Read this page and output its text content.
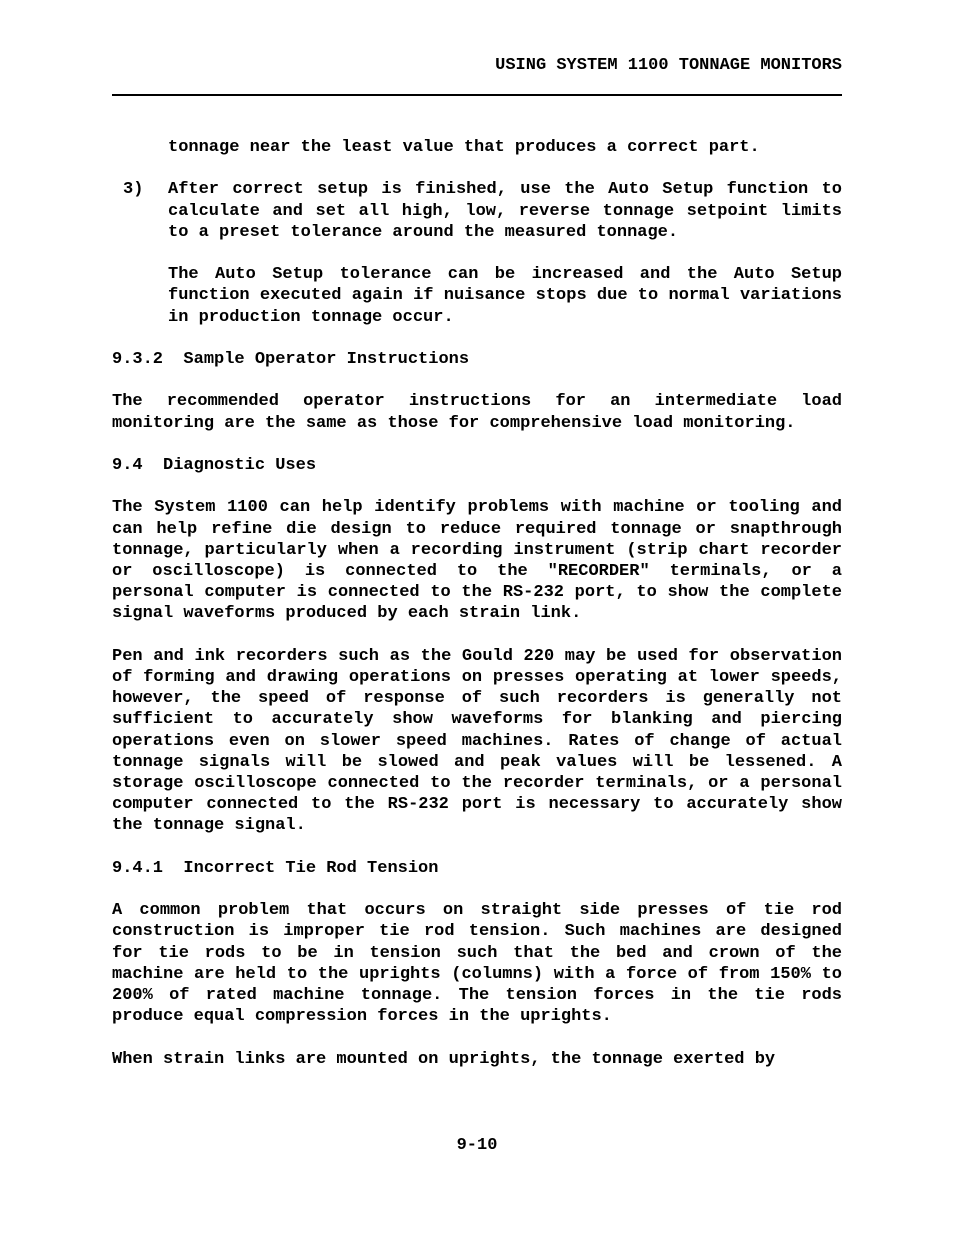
USING SYSTEM 1100 TONNAGE MONITORS
tonnage near the least value that produces a correct part.
3) After correct setup is finished, use the Auto Setup function to calculate and set all high, low, reverse tonnage setpoint limits to a preset tolerance around the measured tonnage.
The Auto Setup tolerance can be increased and the Auto Setup function executed again if nuisance stops due to normal variations in production tonnage occur.
9.3.2  Sample Operator Instructions
The recommended operator instructions for an intermediate load monitoring are the same as those for comprehensive load monitoring.
9.4  Diagnostic Uses
The System 1100 can help identify problems with machine or tooling and can help refine die design to reduce required tonnage or snapthrough tonnage, particularly when a recording instrument (strip chart recorder or oscilloscope) is connected to the "RECORDER" terminals, or a personal computer is connected to the RS-232 port, to show the complete signal waveforms produced by each strain link.
Pen and ink recorders such as the Gould 220 may be used for observation of forming and drawing operations on presses operating at lower speeds, however, the speed of response of such recorders is generally not sufficient to accurately show waveforms for blanking and piercing operations even on slower speed machines. Rates of change of actual tonnage signals will be slowed and peak values will be lessened. A storage oscilloscope connected to the recorder terminals, or a personal computer connected to the RS-232 port is necessary to accurately show the tonnage signal.
9.4.1  Incorrect Tie Rod Tension
A common problem that occurs on straight side presses of tie rod construction is improper tie rod tension. Such machines are designed for tie rods to be in tension such that the bed and crown of the machine are held to the uprights (columns) with a force of from 150% to 200% of rated machine tonnage. The tension forces in the tie rods produce equal compression forces in the uprights.
When strain links are mounted on uprights, the tonnage exerted by
9-10
